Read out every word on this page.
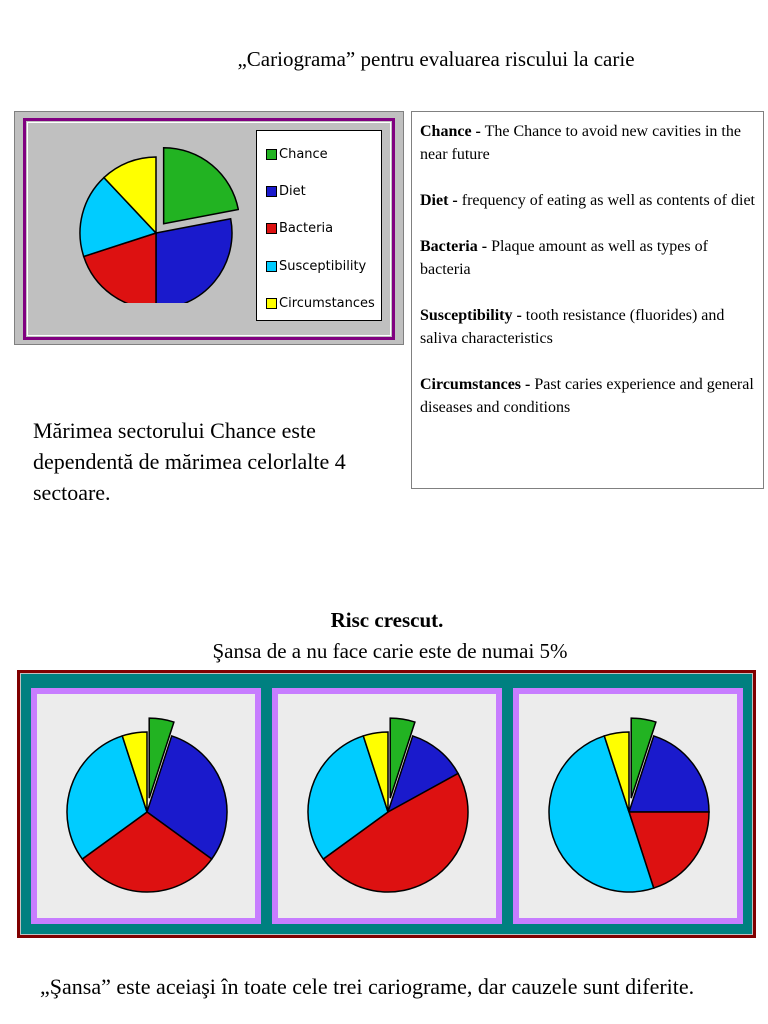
„Cariograma” pentru evaluarea riscului la carie
Chance
Diet
Bacteria
Susceptibility
Circumstances

Chance - The Chance to avoid new cavities in the near future

Diet - frequency of eating as well as contents of diet

Bacteria - Plaque amount as well as types of bacteria

Susceptibility - tooth resistance (fluorides) and saliva characteristics

Circumstances - Past caries experience and general diseases and conditions

Mărimea sectorului Chance este dependentă de mărimea celorlalte 4 sectoare.
Risc crescut.
Şansa de a nu face carie este de numai 5%
„Şansa” este aceiaşi în toate cele trei cariograme, dar cauzele sunt diferite.
